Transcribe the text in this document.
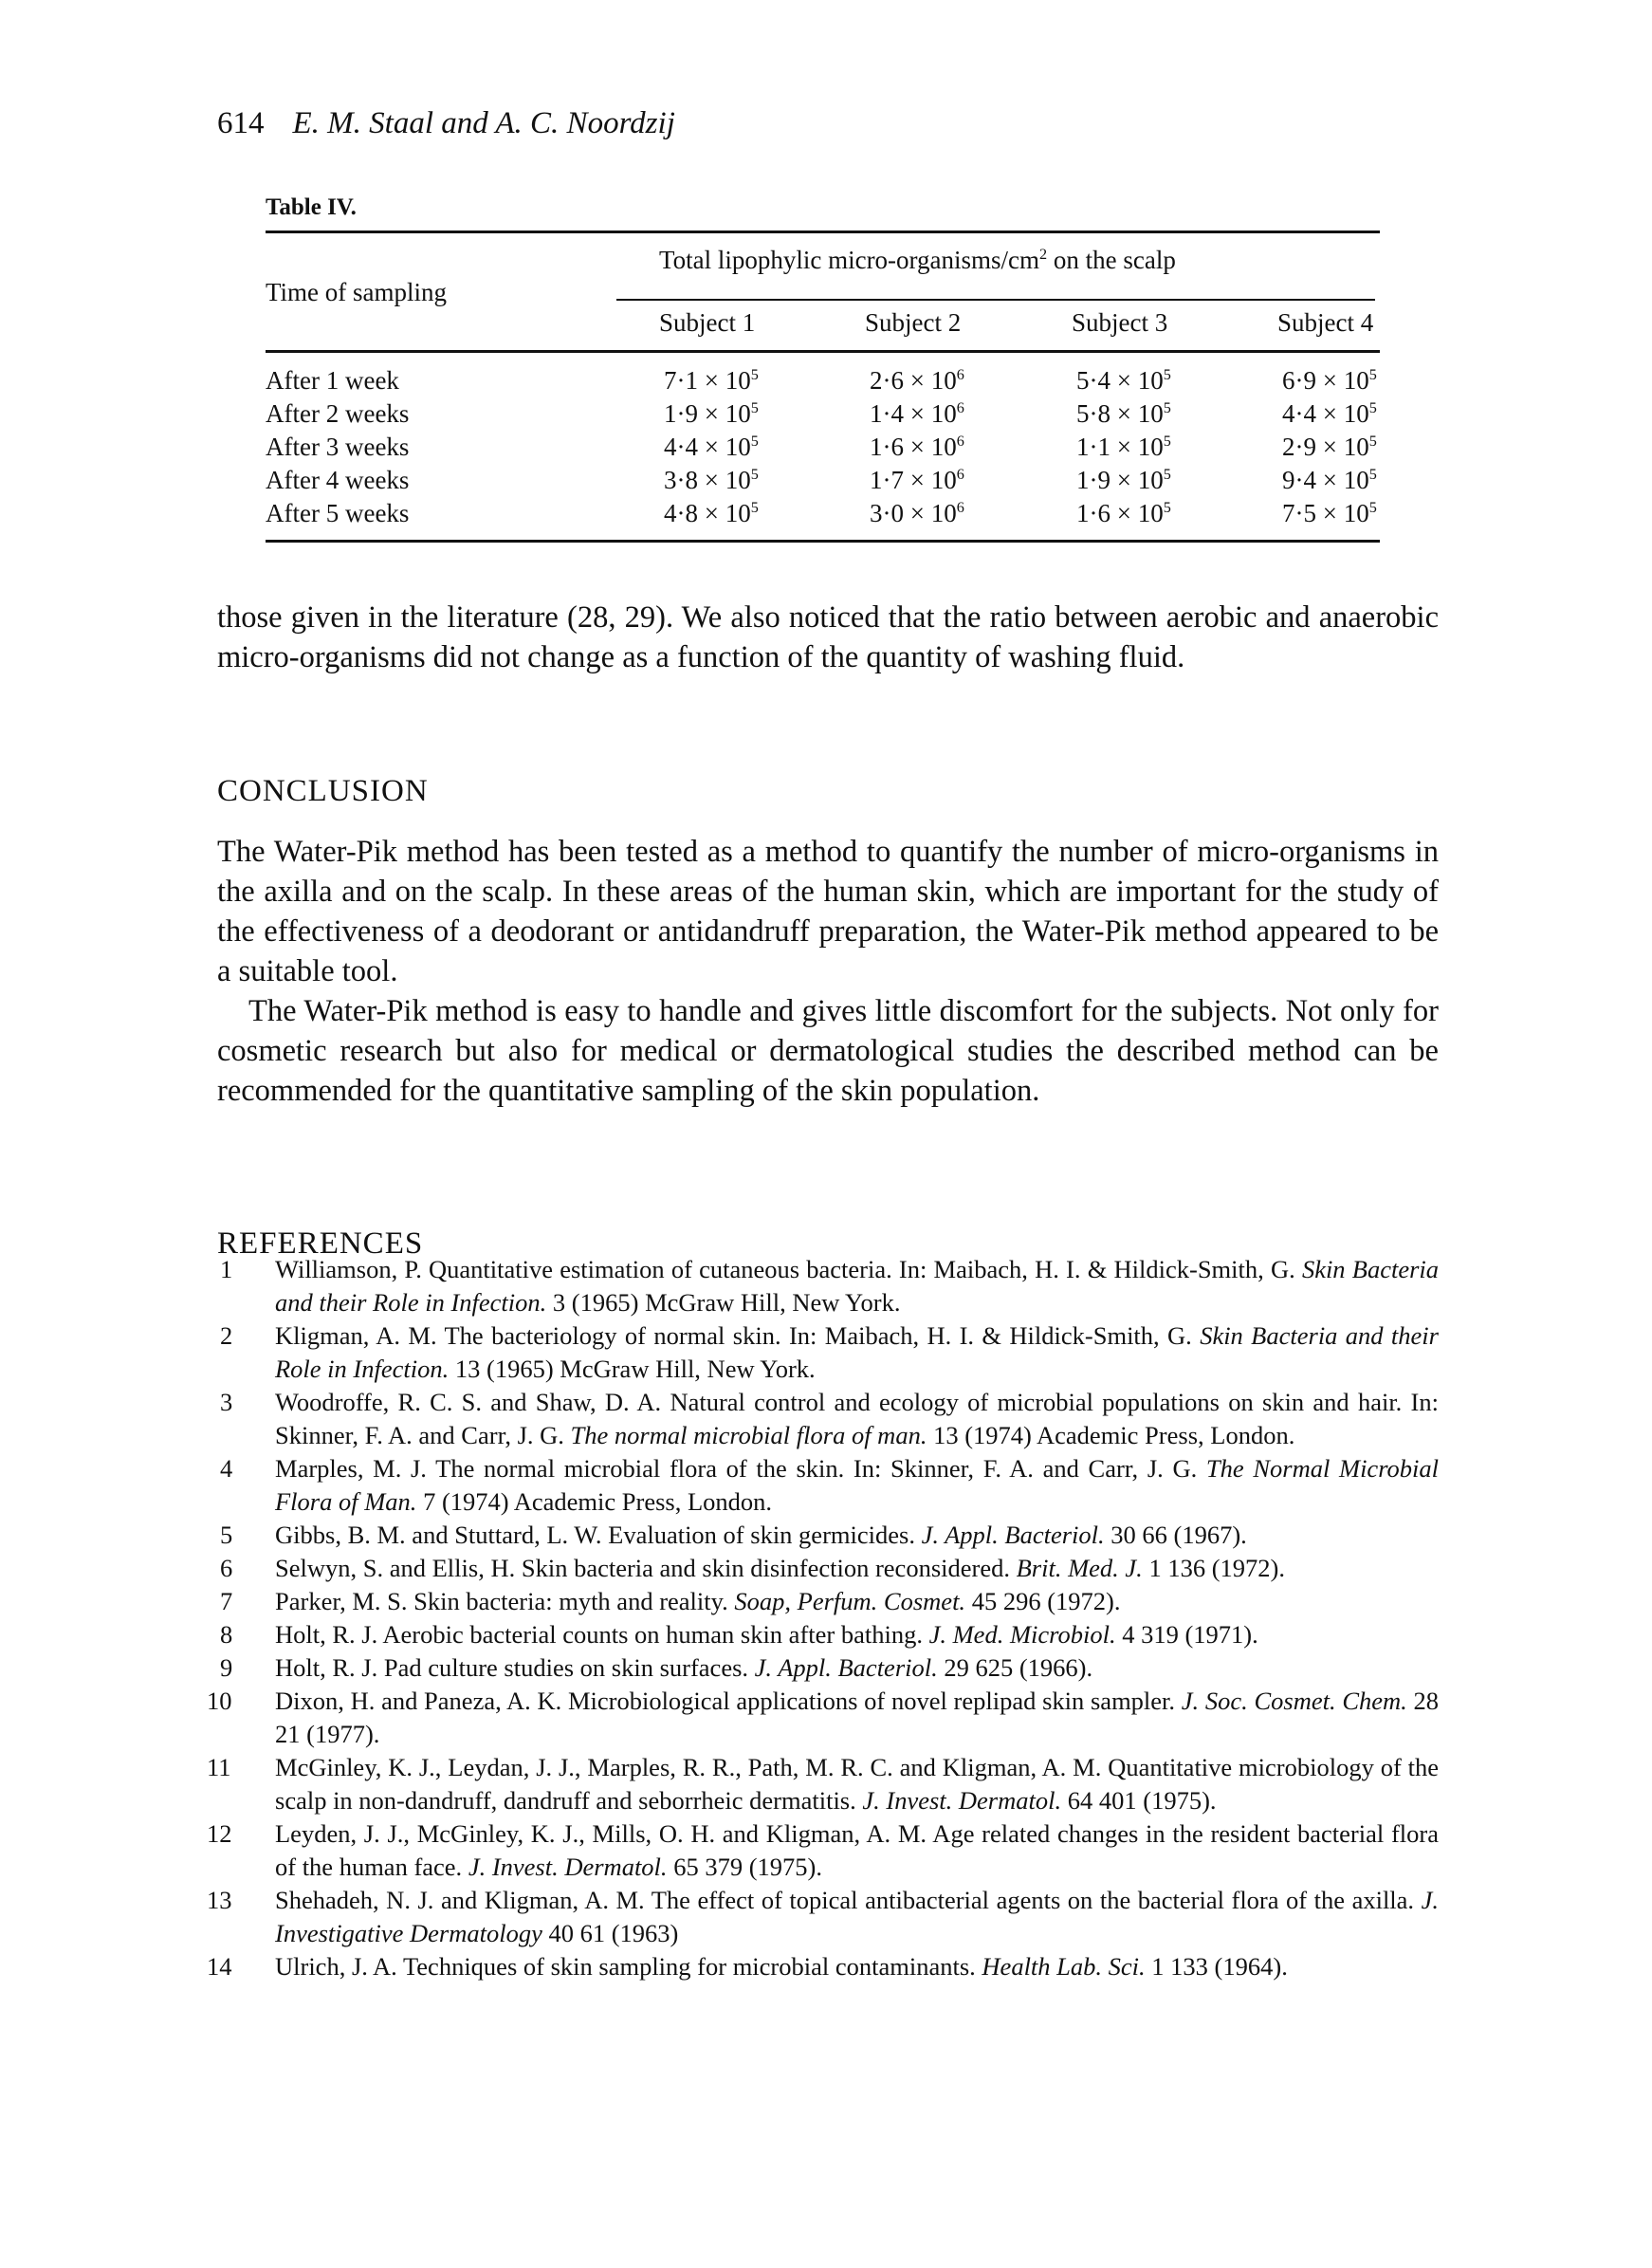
614 E. M. Staal and A. C. Noordzij
Table IV.
Time of sampling
Total lipophylic micro-$organisms/cm^2$ on the scalp
Subject 1	Subject 2	Subject 3	Subject 4
After 1 week	$7\cdot 1 \times 10^5$	$2\cdot 6 \times 10^6$	$5\cdot 4 \times 10^5$	$6\cdot 9 \times 10^5$
After 2 weeks	$1\cdot 9 \times 10^5$	$1\cdot 4 \times 10^6$	$5\cdot 8 \times 10^5$	$4\cdot 4 \times 10^5$
After 3 weeks	$4\cdot 4 \times 10^5$	$1\cdot 6 \times 10^6$	$1\cdot 1 \times 10^5$	$2\cdot 9 \times 10^5$
After 4 weeks	$3\cdot 8 \times 10^5$	$1\cdot 7 \times 10^6$	$1\cdot 9 \times 10^5$	$9\cdot 4 \times 10^5$
After 5 weeks	$4\cdot 8 \times 10^5$	$3\cdot 0 \times 10^6$	$1\cdot 6 \times 10^5$	$7\cdot 5 \times 10^5$

those given in the literature (28, 29). We also noticed that the ratio between aerobic and anaerobic micro-organisms did not change as a function of the quantity of washing fluid.

CONCLUSION

The Water-Pik method has been tested as a method to quantify the number of micro-organisms in the axilla and on the scalp. In these areas of the human skin, which are important for the study of the effectiveness of a deodorant or antidandruff preparation, the Water-Pik method appeared to be a suitable tool.

The Water-Pik method is easy to handle and gives little discomfort for the subjects. Not only for cosmetic research but also for medical or dermatological studies the described method can be recommended for the quantitative sampling of the skin population.

REFERENCES
1 Williamson, P. Quantitative estimation of cutaneous bacteria. In: Maibach, H. I. & Hildick-Smith, G. Skin Bacteria and their Role in Infection. 3 (1965) McGraw Hill, New York.
2 Kligman, A. M. The bacteriology of normal skin. In: Maibach, H. I. & Hildick-Smith, G. Skin Bacteria and their Role in Infection. 13 (1965) McGraw Hill, New York.
3 Woodroffe, R. C. S. and Shaw, D. A. Natural control and ecology of microbial populations on skin and hair. In: Skinner, F. A. and Carr, J. G. The normal microbial flora of man. 13 (1974) Academic Press, London.
4 Marples, M. J. The normal microbial flora of the skin. In: Skinner, F. A. and Carr, J. G. The Normal Microbial Flora of Man. 7 (1974) Academic Press, London.
5 Gibbs, B. M. and Stuttard, L. W. Evaluation of skin germicides. J. Appl. Bacteriol. 30 66 (1967).
6 Selwyn, S. and Ellis, H. Skin bacteria and skin disinfection reconsidered. Brit. Med. J. 1 136 (1972).
7 Parker, M. S. Skin bacteria: myth and reality. Soap, Perfum. Cosmet. 45 296 (1972).
8 Holt, R. J. Aerobic bacterial counts on human skin after bathing. J. Med. Microbiol. 4 319 (1971).
9 Holt, R. J. Pad culture studies on skin surfaces. J. Appl. Bacteriol. 29 625 (1966).
10 Dixon, H. and Paneza, A. K. Microbiological applications of novel replipad skin sampler. J. Soc. Cosmet. Chem. 28 21 (1977).
11 McGinley, K. J., Leydan, J. J., Marples, R. R., Path, M. R. C. and Kligman, A. M. Quantitative microbiology of the scalp in non-dandruff, dandruff and seborrheic dermatitis. J. Invest. Dermatol. 64 401 (1975).
12 Leyden, J. J., McGinley, K. J., Mills, O. H. and Kligman, A. M. Age related changes in the resident bacterial flora of the human face. J. Invest. Dermatol. 65 379 (1975).
13 Shehadeh, N. J. and Kligman, A. M. The effect of topical antibacterial agents on the bacterial flora of the axilla. J. Investigative Dermatology 40 61 (1963)
14 Ulrich, J. A. Techniques of skin sampling for microbial contaminants. Health Lab. Sci. 1 133 (1964).
